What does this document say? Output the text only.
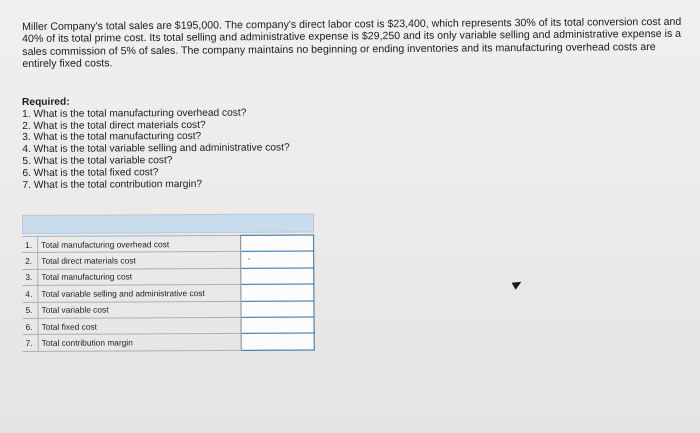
Miller Company's total sales are $195,000. The company's direct labor cost is $23,400, which represents 30% of its total conversion cost and 40% of its total prime cost. Its total selling and administrative expense is $29,250 and its only variable selling and administrative expense is a sales commission of 5% of sales. The company maintains no beginning or ending inventories and its manufacturing overhead costs are entirely fixed costs.

Required:
1. What is the total manufacturing overhead cost?
2. What is the total direct materials cost?
3. What is the total manufacturing cost?
4. What is the total variable selling and administrative cost?
5. What is the total variable cost?
6. What is the total fixed cost?
7. What is the total contribution margin?
1.	Total manufacturing overhead cost	

2.	Total direct materials cost	

3.	Total manufacturing cost	

4.	Total variable selling and administrative cost	

5.	Total variable cost	

6.	Total fixed cost	

7.	Total contribution margin	
